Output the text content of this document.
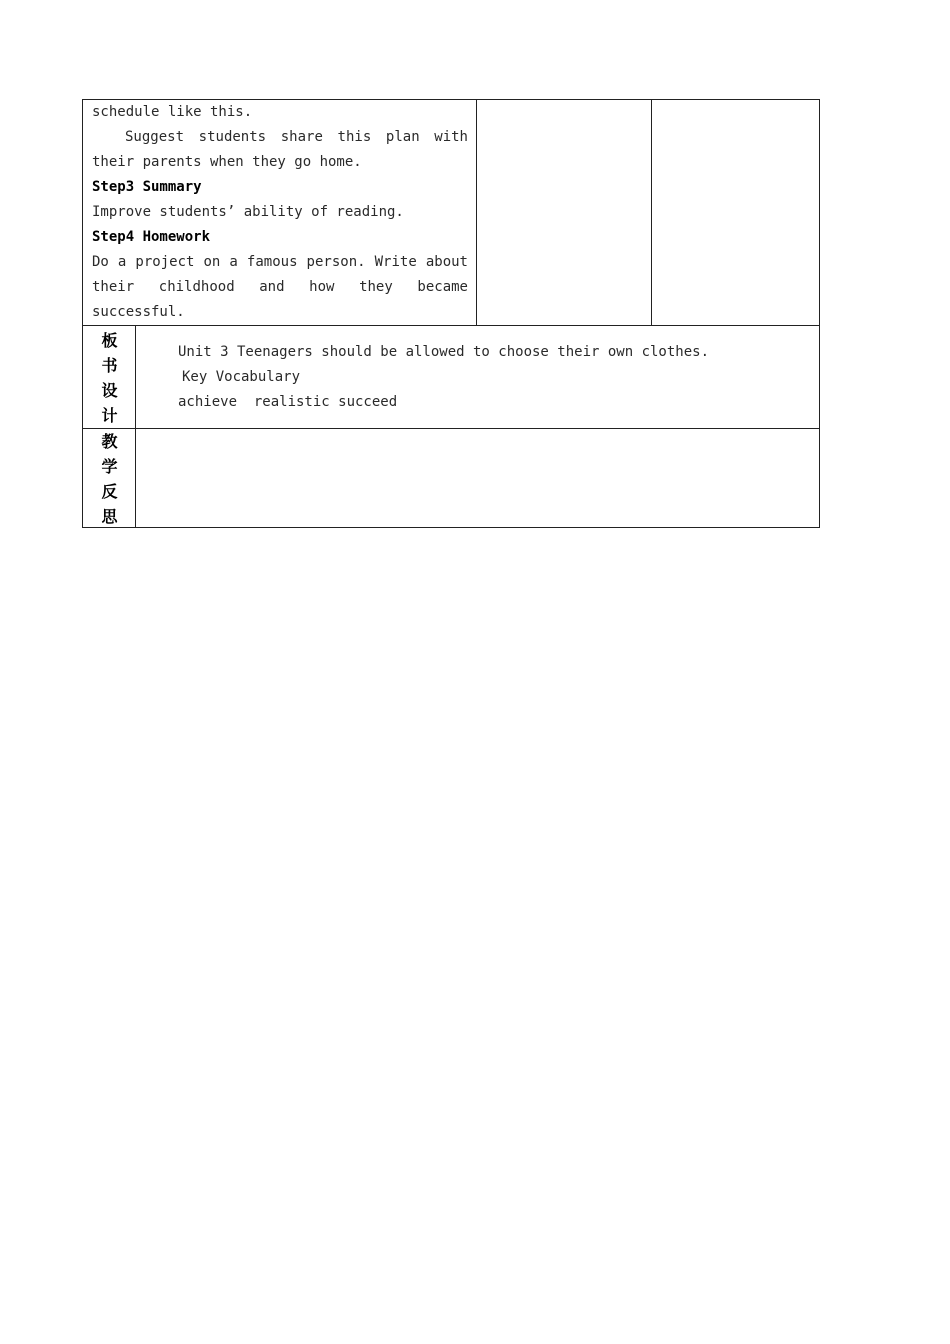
schedule like this.
Suggest students share this plan with
their parents when they go home.
Step3 Summary
Improve students’ ability of reading.
Step4 Homework
Do a project on a famous person. Write about
their childhood and how they became
successful.
板
书
设
计
Unit 3 Teenagers should be allowed to choose their own clothes.
Key Vocabulary
achieve  realistic succeed
教
学
反
思
